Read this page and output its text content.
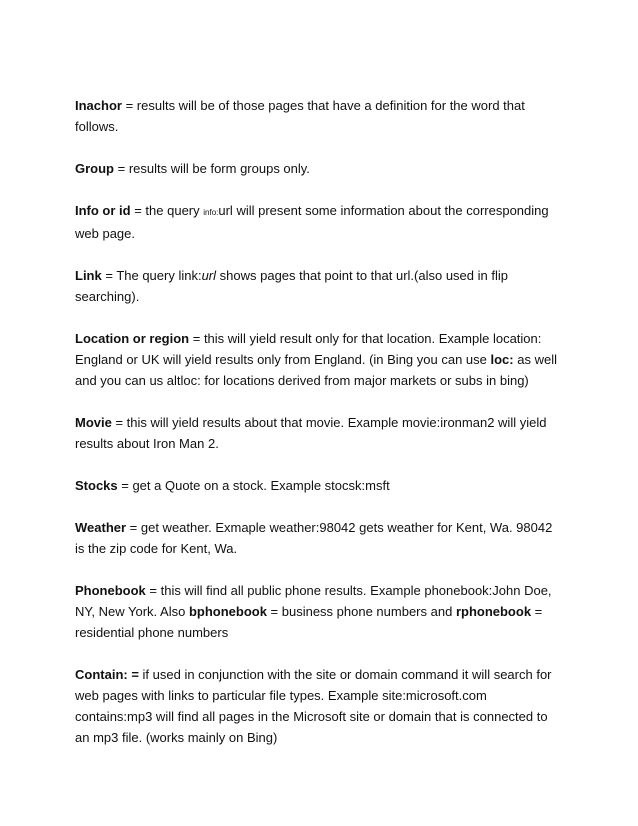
Inachor = results will be of those pages that have a definition for the word that follows.

Group = results will be form groups only.

Info or id = the query info:url will present some information about the corresponding web page.

Link = The query link:url shows pages that point to that url.(also used in flip searching).

Location or region = this will yield result only for that location. Example location: England or UK will yield results only from England. (in Bing you can use loc: as well and you can us altloc: for locations derived from major markets or subs in bing)

Movie = this will yield results about that movie. Example movie:ironman2 will yield results about Iron Man 2.

Stocks = get a Quote on a stock. Example stocsk:msft

Weather = get weather. Exmaple weather:98042 gets weather for Kent, Wa. 98042 is the zip code for Kent, Wa.

Phonebook = this will find all public phone results. Example phonebook:John Doe, NY, New York. Also bphonebook = business phone numbers and rphonebook = residential phone numbers

Contain: = if used in conjunction with the site or domain command it will search for web pages with links to particular file types. Example site:microsoft.com contains:mp3 will find all pages in the Microsoft site or domain that is connected to an mp3 file. (works mainly on Bing)
